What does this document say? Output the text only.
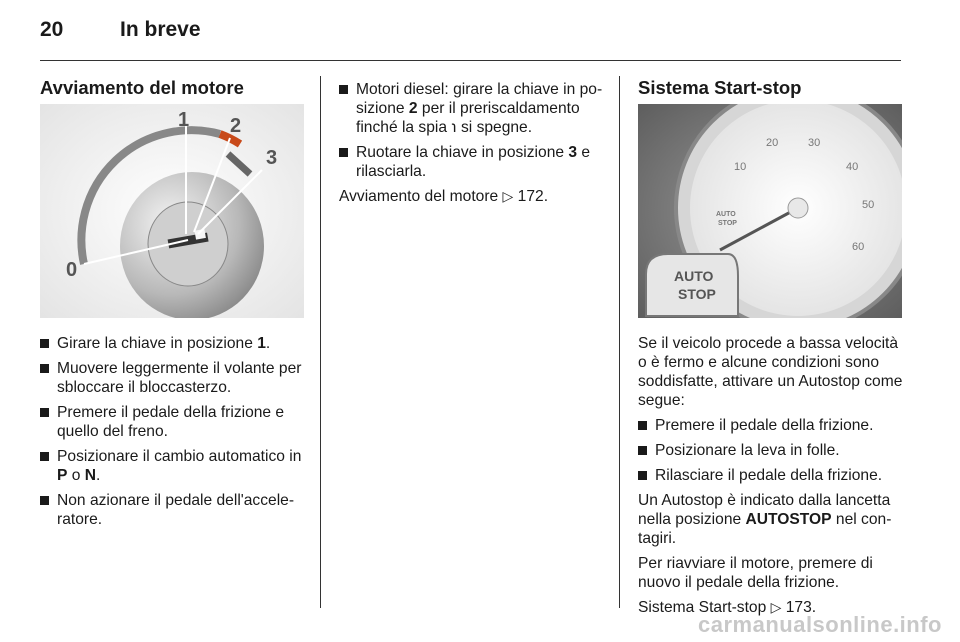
20	In breve
Avviamento del motore
0
1 2
3
Girare la chiave in posizione 1.
Muovere leggermente il volante per sbloccare il bloccasterzo.
Premere il pedale della frizione e quello del freno.
Posizionare il cambio automatico in P o N.
Non azionare il pedale dell'accele-ratore.
Motori diesel: girare la chiave in po-sizione 2 per il preriscaldamento finché la spia ℩ si spegne.
Ruotare la chiave in posizione 3 e rilasciarla.

Avviamento del motore ▷ 172.

Sistema Start-stop
10
20	30
40
50
60
AUTO
STOP
AUTO
STOP

Se il veicolo procede a bassa velocità o è fermo e alcune condizioni sono soddisfatte, attivare un Autostop come segue:

Premere il pedale della frizione.
Posizionare la leva in folle.
Rilasciare il pedale della frizione.

Un Autostop è indicato dalla lancetta nella posizione AUTOSTOP nel con-tagiri.

Per riavviare il motore, premere di nuovo il pedale della frizione.

Sistema Start-stop ▷ 173.

carmanualsonline.info
